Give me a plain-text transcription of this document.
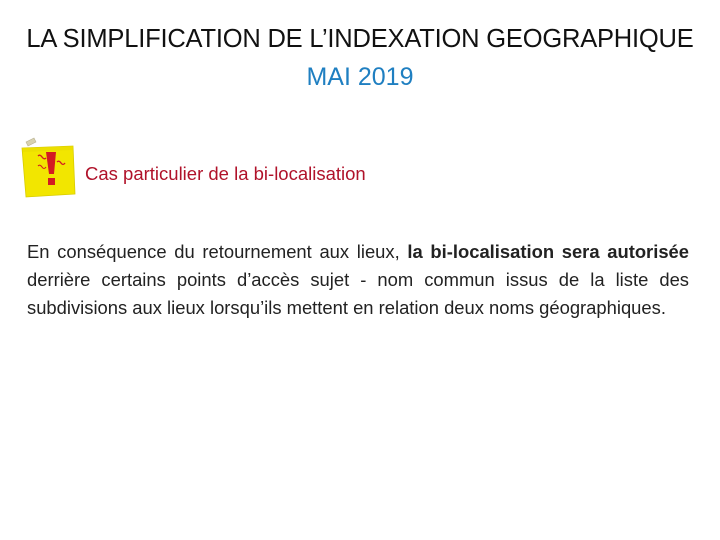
LA SIMPLIFICATION DE L’INDEXATION GEOGRAPHIQUE
MAI 2019
Cas particulier de la bi-localisation

En conséquence du retournement aux lieux, la bi-localisation sera autorisée derrière certains points d’accès sujet - nom commun issus de la liste des subdivisions aux lieux lorsqu’ils mettent en relation deux noms géographiques.
